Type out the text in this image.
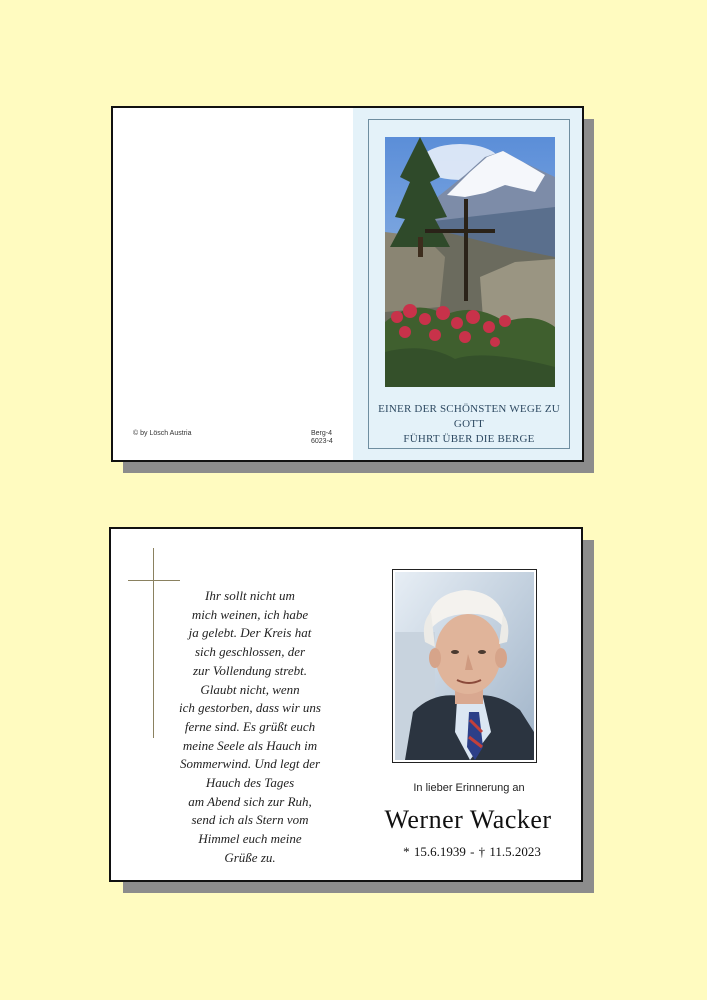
EINER DER SCHÖNSTEN WEGE ZU GOTT
FÜHRT ÜBER DIE BERGE
© by Lösch Austria	Berg-4
6023-4
Ihr sollt nicht um
mich weinen, ich habe
ja gelebt. Der Kreis hat
sich geschlossen, der
zur Vollendung strebt.
Glaubt nicht, wenn
ich gestorben, dass wir uns
ferne sind. Es grüßt euch
meine Seele als Hauch im
Sommerwind. Und legt der
Hauch des Tages
am Abend sich zur Ruh,
send ich als Stern vom
Himmel euch meine
Grüße zu.
In lieber Erinnerung an
Werner Wacker
* 15.6.1939 - † 11.5.2023
